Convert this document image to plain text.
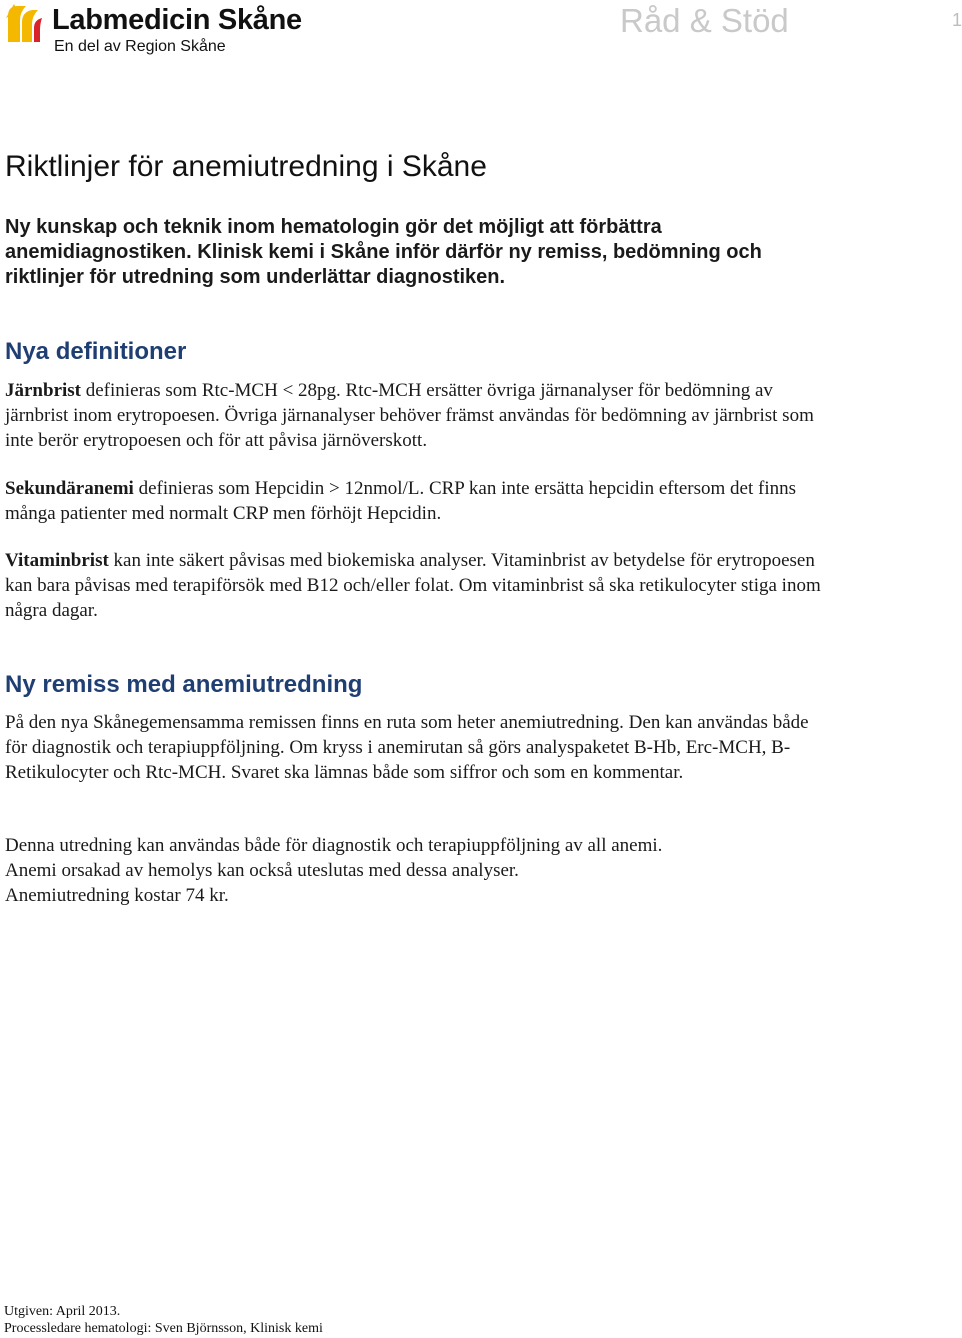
Labmedicin Skåne
En del av Region Skåne
Råd & Stöd	1
Riktlinjer för anemiutredning i Skåne
Ny kunskap och teknik inom hematologin gör det möjligt att förbättra anemidiagnostiken. Klinisk kemi i Skåne inför därför ny remiss, bedömning och riktlinjer för utredning som underlättar diagnostiken.
Nya definitioner
Järnbrist definieras som Rtc-MCH < 28pg. Rtc-MCH ersätter övriga järnanalyser för bedömning av järnbrist inom erytropoesen. Övriga järnanalyser behöver främst användas för bedömning av järnbrist som inte berör erytropoesen och för att påvisa järnöverskott.
Sekundäranemi definieras som Hepcidin > 12nmol/L. CRP kan inte ersätta hepcidin eftersom det finns många patienter med normalt CRP men förhöjt Hepcidin.
Vitaminbrist kan inte säkert påvisas med biokemiska analyser. Vitaminbrist av betydelse för erytropoesen kan bara påvisas med terapiförsök med B12 och/eller folat. Om vitaminbrist så ska retikulocyter stiga inom några dagar.
Ny remiss med anemiutredning
På den nya Skånegemensamma remissen finns en ruta som heter anemiutredning. Den kan användas både för diagnostik och terapiuppföljning. Om kryss i anemirutan så görs analyspaketet B-Hb, Erc-MCH, B-Retikulocyter och Rtc-MCH. Svaret ska lämnas både som siffror och som en kommentar.
Denna utredning kan användas både för diagnostik och terapiuppföljning av all anemi.
Anemi orsakad av hemolys kan också uteslutas med dessa analyser.
Anemiutredning kostar 74 kr.
Utgiven: April 2013.
Processledare hematologi: Sven Björnsson, Klinisk kemi
